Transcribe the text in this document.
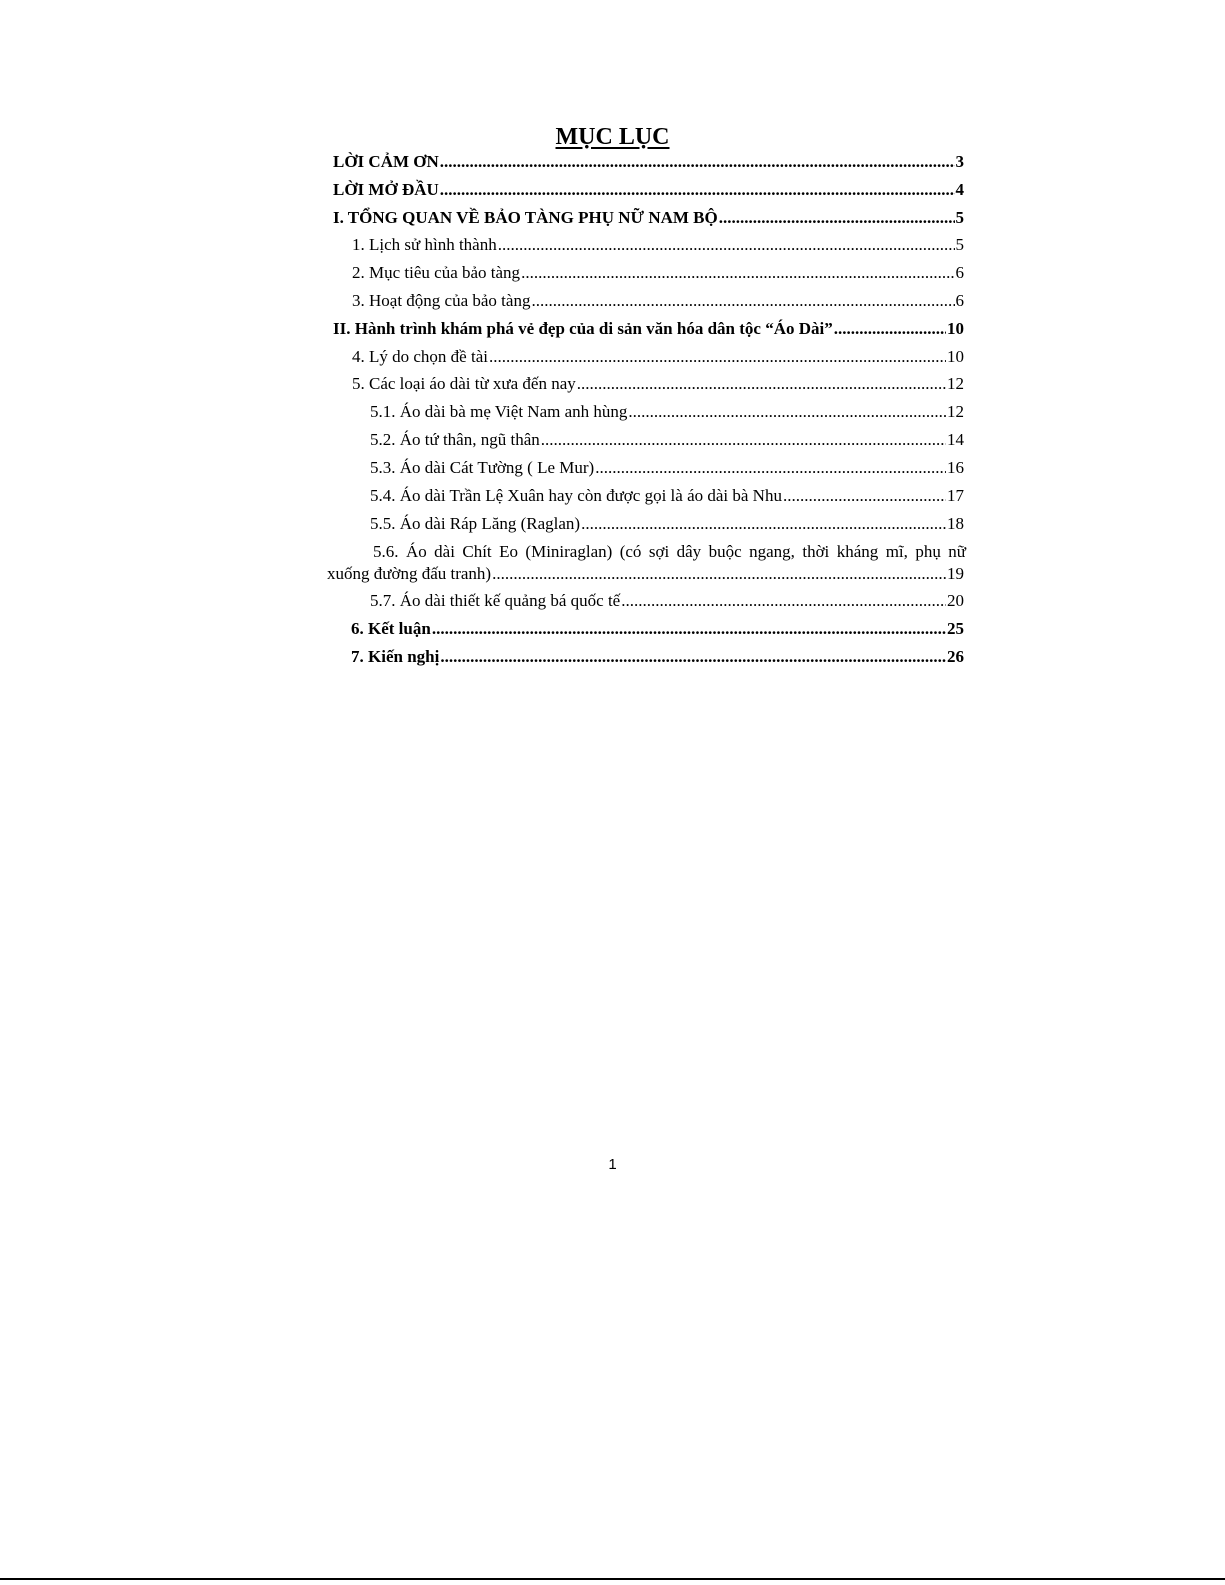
MỤC LỤC
LỜI CẢM ƠN .....	3
LỜI MỞ ĐẦU .....	4
I. TỔNG QUAN VỀ BẢO TÀNG PHỤ NỮ NAM BỘ .....	5
1. Lịch sử hình thành .....	5
2. Mục tiêu của bảo tàng .....	6
3. Hoạt động của bảo tàng .....	6
II. Hành trình khám phá vẻ đẹp của di sản văn hóa dân tộc “Áo Dài” .....	10
4. Lý do chọn đề tài .....	10
5. Các loại áo dài từ xưa đến nay .....	12
5.1. Áo dài bà mẹ Việt Nam anh hùng .....	12
5.2. Áo tứ thân, ngũ thân .....	14
5.3. Áo dài Cát Tường ( Le Mur) .....	16
5.4. Áo dài Trần Lệ Xuân hay còn được gọi là áo dài bà Nhu .....	17
5.5. Áo dài Ráp Lăng (Raglan) .....	18
5.6. Áo dài Chít Eo (Miniraglan) (có sợi dây buộc ngang, thời kháng mĩ, phụ nữ
xuống đường đấu tranh) .....	19
5.7. Áo dài thiết kế quảng bá quốc tế .....	20
6. Kết luận .....	25
7. Kiến nghị .....	26
1
